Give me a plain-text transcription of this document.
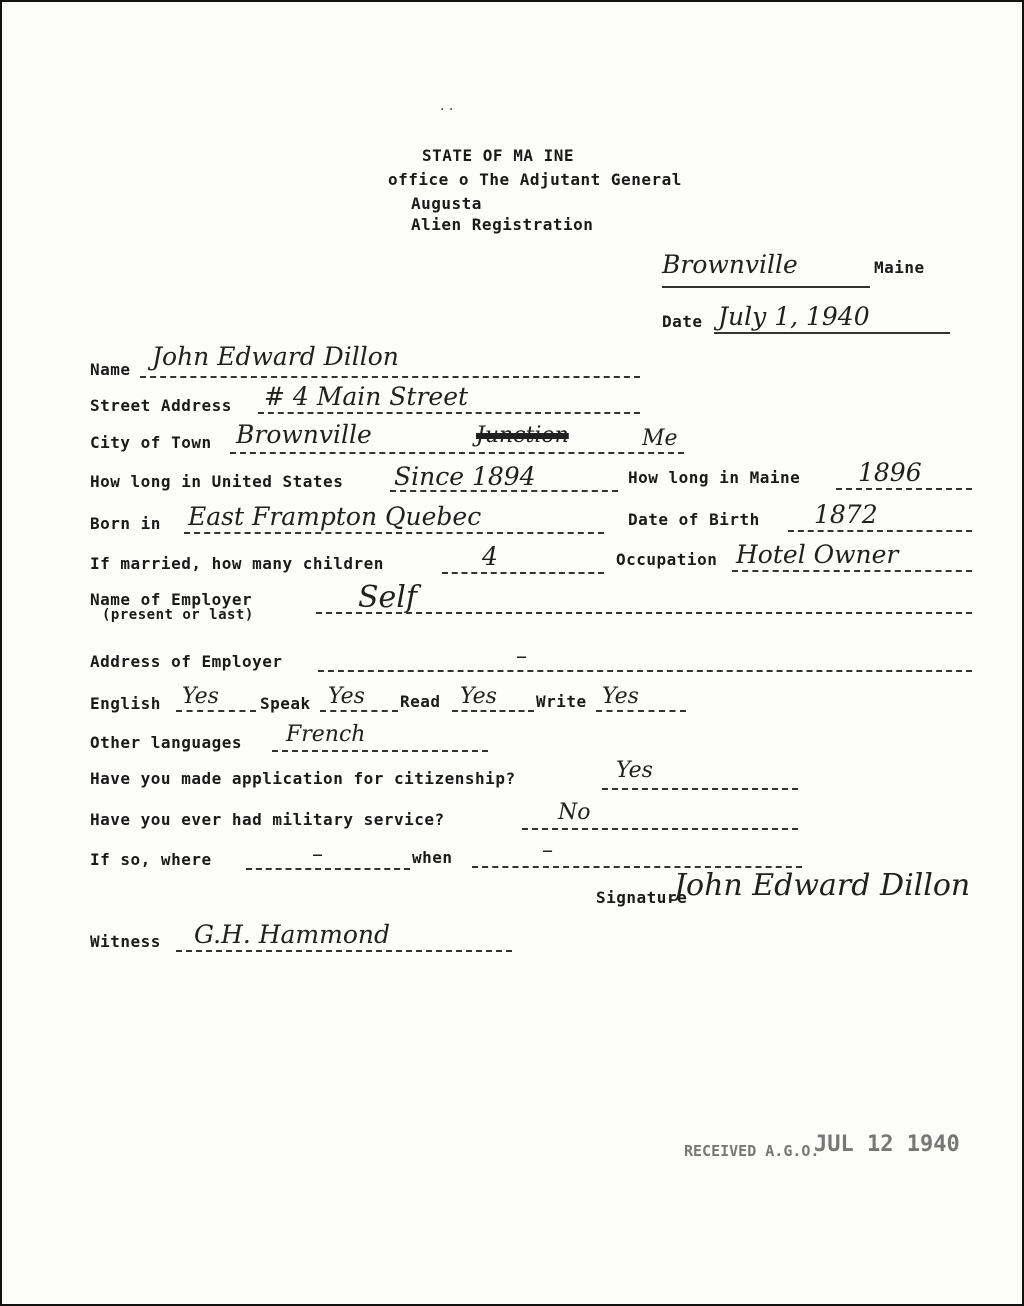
. .
STATE OF MA INE
office o The Adjutant General
Augusta
Alien Registration
Brownville	Maine
Date July 1, 1940
Name John Edward Dillon
Street Address # 4 Main Street
City of Town Brownville	Junction	Me
How long in United States Since 1894	How long in Maine 1896
Born in East Frampton Quebec	Date of Birth 1872
If married, how many children	4	Occupation Hotel Owner
Name of Employer
(present or last)	Self
Address of Employer	–
English Yes	Speak Yes Read Yes Write Yes
Other languages French
Have you made application for citizenship?	Yes
Have you ever had military service?	No
If so, where	–	when	–
Signature
John Edward Dillon
Witness G.H. Hammond
RECEIVED A.G.O.
JUL 12 1940
